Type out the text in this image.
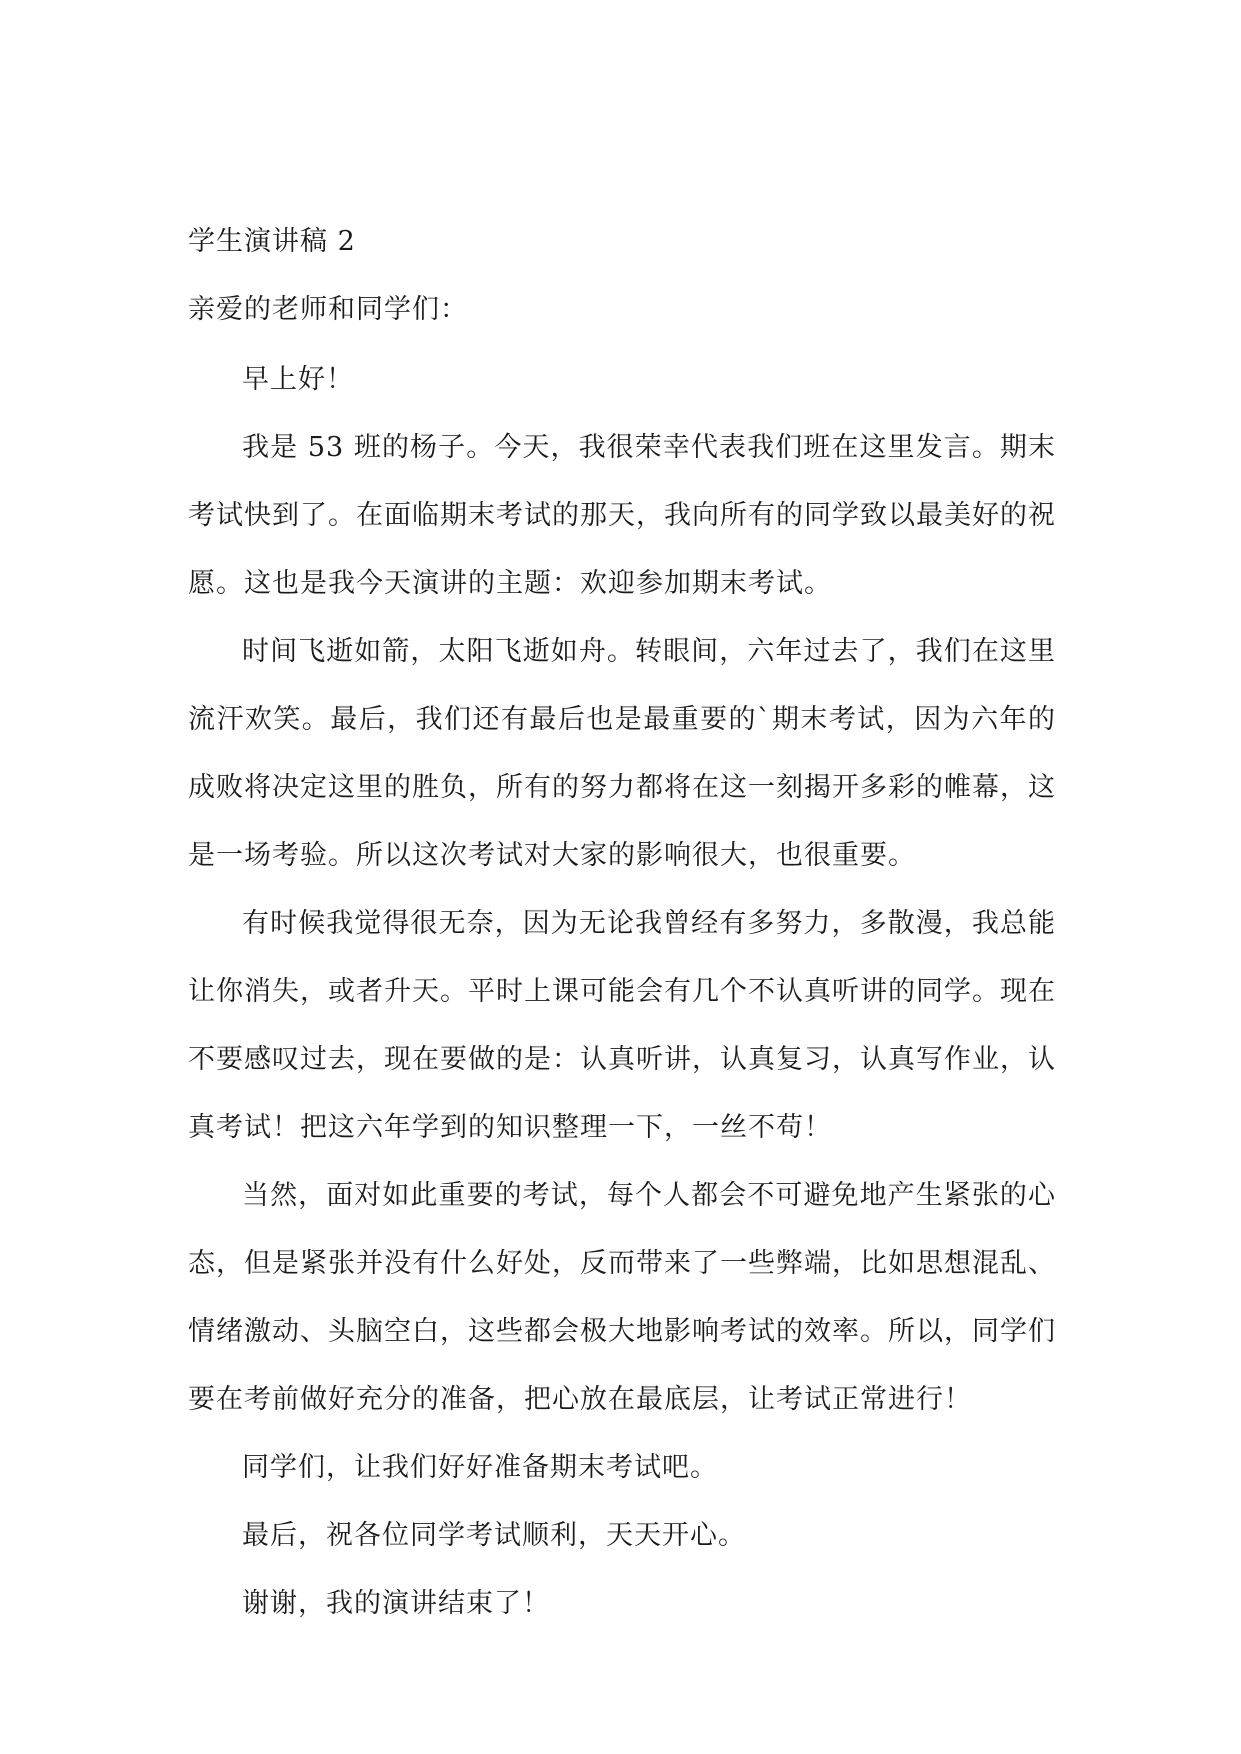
学生演讲稿 2

亲爱的老师和同学们：

早上好！

我是 53 班的杨子。今天，我很荣幸代表我们班在这里发言。期末考试快到了。在面临期末考试的那天，我向所有的同学致以最美好的祝愿。这也是我今天演讲的主题：欢迎参加期末考试。

时间飞逝如箭，太阳飞逝如舟。转眼间，六年过去了，我们在这里流汗欢笑。最后，我们还有最后也是最重要的`期末考试，因为六年的成败将决定这里的胜负，所有的努力都将在这一刻揭开多彩的帷幕，这是一场考验。所以这次考试对大家的影响很大，也很重要。

有时候我觉得很无奈，因为无论我曾经有多努力，多散漫，我总能让你消失，或者升天。平时上课可能会有几个不认真听讲的同学。现在不要感叹过去，现在要做的是：认真听讲，认真复习，认真写作业，认真考试！把这六年学到的知识整理一下，一丝不苟！

当然，面对如此重要的考试，每个人都会不可避免地产生紧张的心态，但是紧张并没有什么好处，反而带来了一些弊端，比如思想混乱、情绪激动、头脑空白，这些都会极大地影响考试的效率。所以，同学们要在考前做好充分的准备，把心放在最底层，让考试正常进行！

同学们，让我们好好准备期末考试吧。

最后，祝各位同学考试顺利，天天开心。

谢谢，我的演讲结束了！
